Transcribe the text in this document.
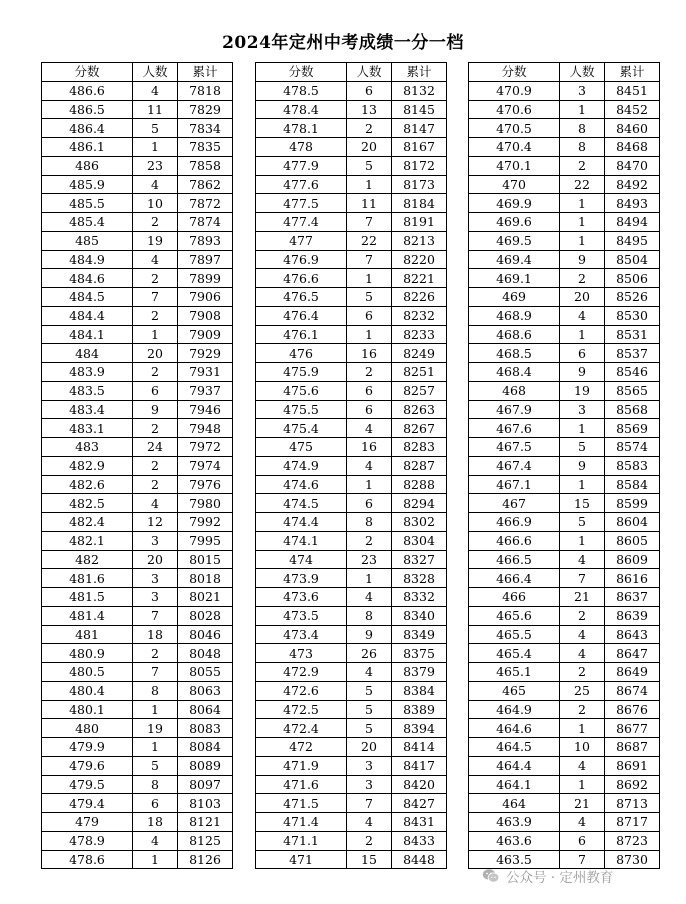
2024年定州中考成绩一分一档
分数	人数	累计
486.6	4	7818
486.5	11	7829
486.4	5	7834
486.1	1	7835
486	23	7858
485.9	4	7862
485.5	10	7872
485.4	2	7874
485	19	7893
484.9	4	7897
484.6	2	7899
484.5	7	7906
484.4	2	7908
484.1	1	7909
484	20	7929
483.9	2	7931
483.5	6	7937
483.4	9	7946
483.1	2	7948
483	24	7972
482.9	2	7974
482.6	2	7976
482.5	4	7980
482.4	12	7992
482.1	3	7995
482	20	8015
481.6	3	8018
481.5	3	8021
481.4	7	8028
481	18	8046
480.9	2	8048
480.5	7	8055
480.4	8	8063
480.1	1	8064
480	19	8083
479.9	1	8084
479.6	5	8089
479.5	8	8097
479.4	6	8103
479	18	8121
478.9	4	8125
478.6	1	8126
分数	人数	累计
478.5	6	8132
478.4	13	8145
478.1	2	8147
478	20	8167
477.9	5	8172
477.6	1	8173
477.5	11	8184
477.4	7	8191
477	22	8213
476.9	7	8220
476.6	1	8221
476.5	5	8226
476.4	6	8232
476.1	1	8233
476	16	8249
475.9	2	8251
475.6	6	8257
475.5	6	8263
475.4	4	8267
475	16	8283
474.9	4	8287
474.6	1	8288
474.5	6	8294
474.4	8	8302
474.1	2	8304
474	23	8327
473.9	1	8328
473.6	4	8332
473.5	8	8340
473.4	9	8349
473	26	8375
472.9	4	8379
472.6	5	8384
472.5	5	8389
472.4	5	8394
472	20	8414
471.9	3	8417
471.6	3	8420
471.5	7	8427
471.4	4	8431
471.1	2	8433
471	15	8448
分数	人数	累计
470.9	3	8451
470.6	1	8452
470.5	8	8460
470.4	8	8468
470.1	2	8470
470	22	8492
469.9	1	8493
469.6	1	8494
469.5	1	8495
469.4	9	8504
469.1	2	8506
469	20	8526
468.9	4	8530
468.6	1	8531
468.5	6	8537
468.4	9	8546
468	19	8565
467.9	3	8568
467.6	1	8569
467.5	5	8574
467.4	9	8583
467.1	1	8584
467	15	8599
466.9	5	8604
466.6	1	8605
466.5	4	8609
466.4	7	8616
466	21	8637
465.6	2	8639
465.5	4	8643
465.4	4	8647
465.1	2	8649
465	25	8674
464.9	2	8676
464.6	1	8677
464.5	10	8687
464.4	4	8691
464.1	1	8692
464	21	8713
463.9	4	8717
463.6	6	8723
463.5	7	8730
公众号 · 定州教育
